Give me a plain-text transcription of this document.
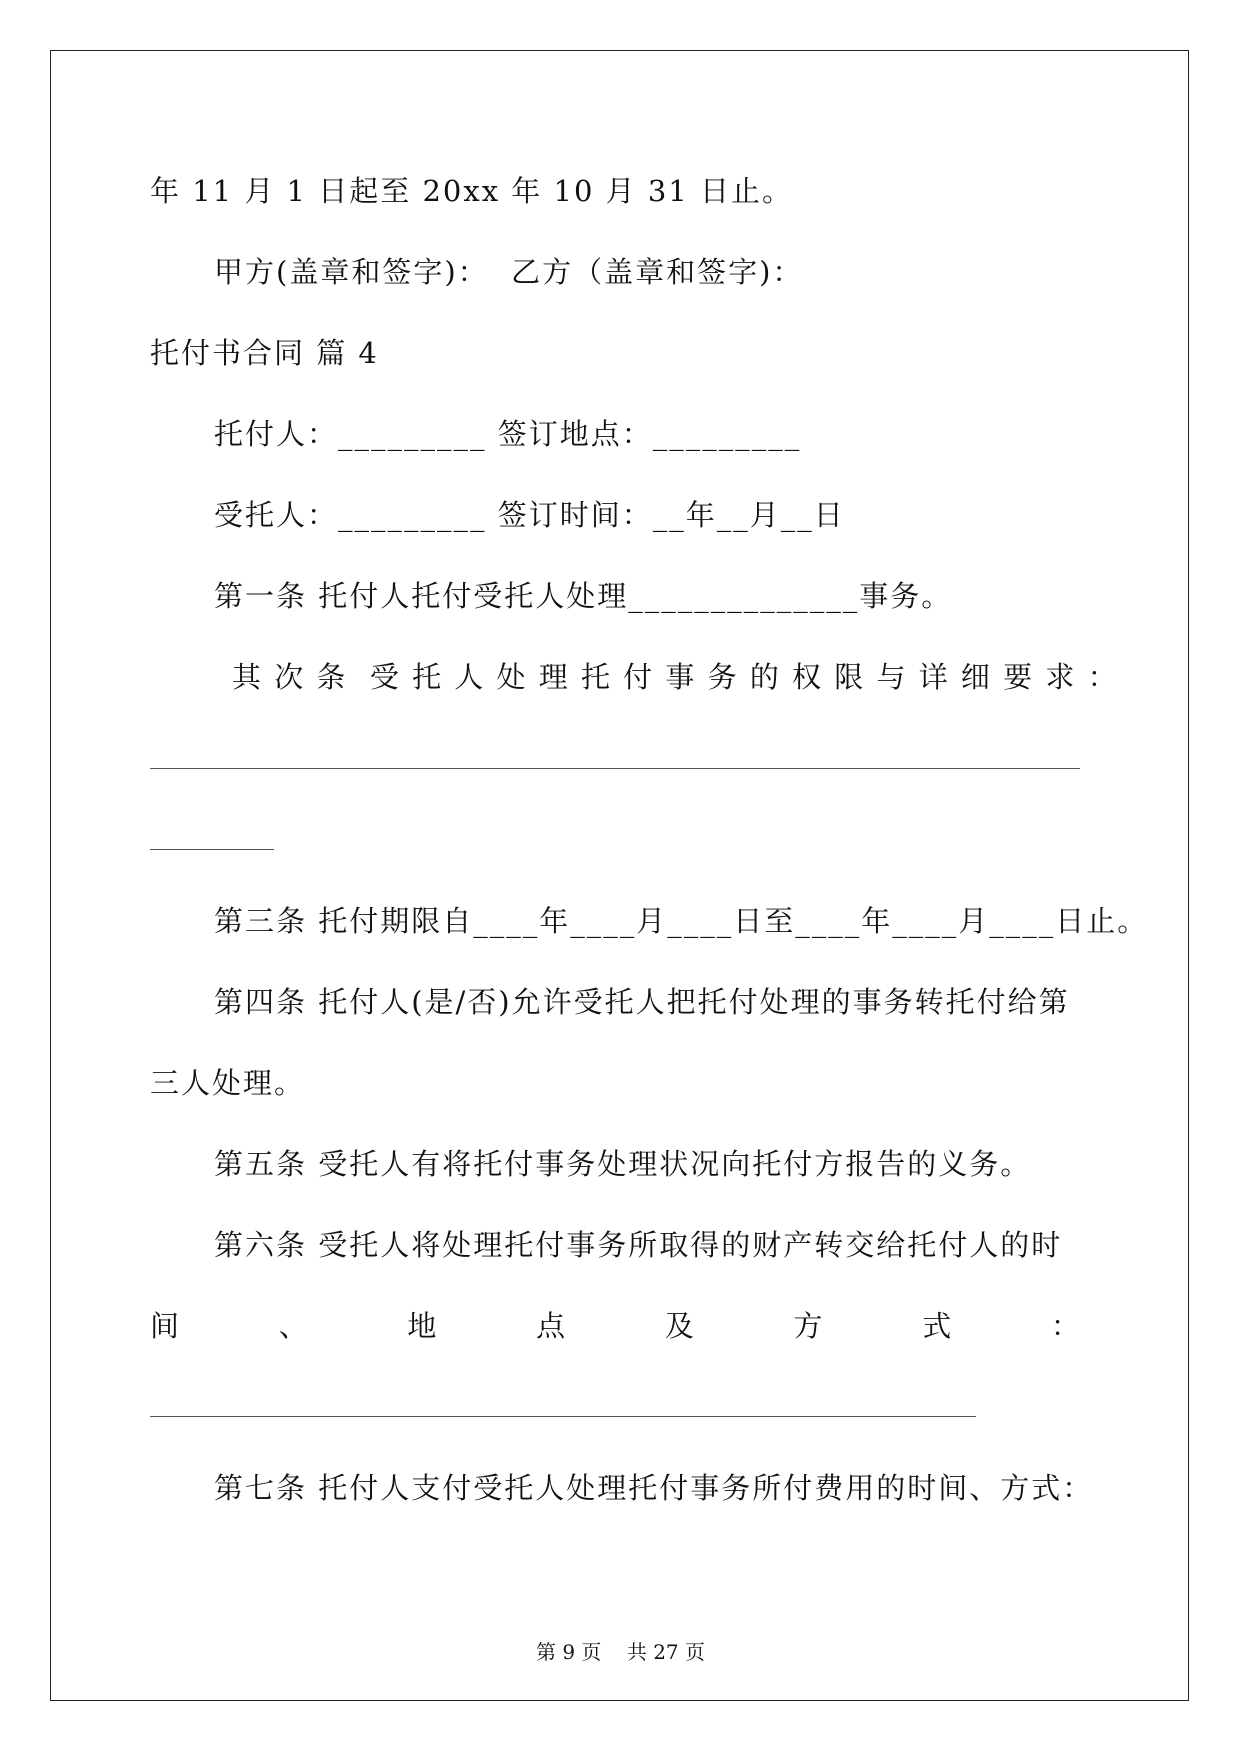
年 11 月 1 日起至 20xx 年 10 月 31 日止。
甲方(盖章和签字)：  乙方（盖章和签字)：
托付书合同 篇 4
托付人：_________ 签订地点：_________
受托人：_________ 签订时间：__年__月__日
第一条 托付人托付受托人处理______________事务。
其 次 条  受 托 人 处 理 托 付 事 务 的 权 限 与 详 细 要 求 ：
第三条 托付期限自____年____月____日至____年____月____日止。
第四条 托付人(是/否)允许受托人把托付处理的事务转托付给第
三人处理。
第五条 受托人有将托付事务处理状况向托付方报告的义务。
第六条 受托人将处理托付事务所取得的财产转交给托付人的时
间	、	地	点	及	方	式	：
第七条 托付人支付受托人处理托付事务所付费用的时间、方式：
第 9 页    共 27 页
